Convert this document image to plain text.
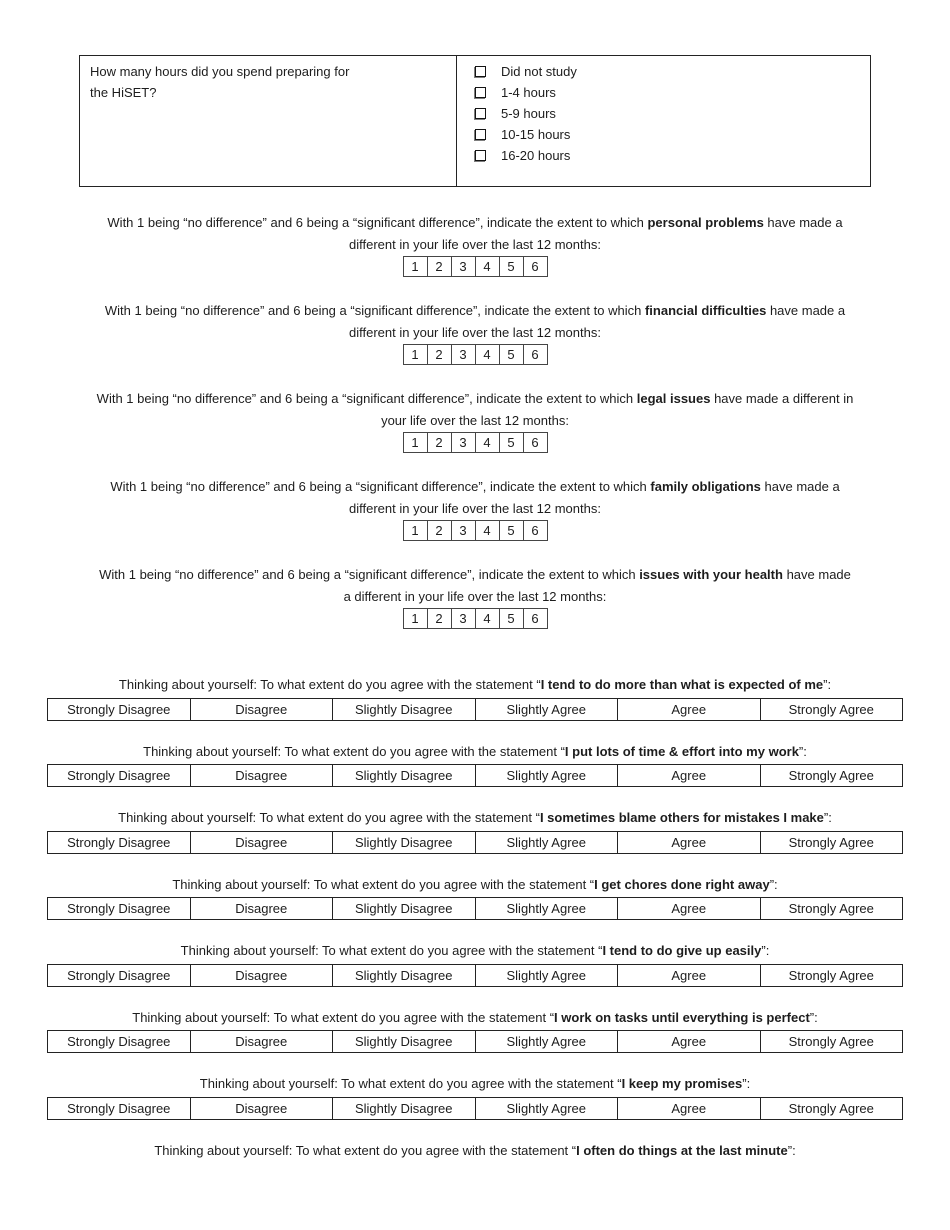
How many hours did you spend preparing for
the HiSET?

Did not study
1-4 hours
5-9 hours
10-15 hours
16-20 hours

With 1 being “no difference” and 6 being a “significant difference”, indicate the extent to which personal problems have made a

different in your life over the last 12 months:

1	2	3	4	5	6

With 1 being “no difference” and 6 being a “significant difference”, indicate the extent to which financial difficulties have made a

different in your life over the last 12 months:

1	2	3	4	5	6

With 1 being “no difference” and 6 being a “significant difference”, indicate the extent to which legal issues have made a different in

your life over the last 12 months:

1	2	3	4	5	6

With 1 being “no difference” and 6 being a “significant difference”, indicate the extent to which family obligations have made a

different in your life over the last 12 months:

1	2	3	4	5	6

With 1 being “no difference” and 6 being a “significant difference”, indicate the extent to which issues with your health have made

a different in your life over the last 12 months:

1	2	3	4	5	6

Thinking about yourself: To what extent do you agree with the statement “I tend to do more than what is expected of me”:

Strongly Disagree	Disagree	Slightly Disagree	Slightly Agree	Agree	Strongly Agree

Thinking about yourself: To what extent do you agree with the statement “I put lots of time & effort into my work”:

Strongly Disagree	Disagree	Slightly Disagree	Slightly Agree	Agree	Strongly Agree

Thinking about yourself: To what extent do you agree with the statement “I sometimes blame others for mistakes I make”:

Strongly Disagree	Disagree	Slightly Disagree	Slightly Agree	Agree	Strongly Agree

Thinking about yourself: To what extent do you agree with the statement “I get chores done right away”:

Strongly Disagree	Disagree	Slightly Disagree	Slightly Agree	Agree	Strongly Agree

Thinking about yourself: To what extent do you agree with the statement “I tend to do give up easily”:

Strongly Disagree	Disagree	Slightly Disagree	Slightly Agree	Agree	Strongly Agree

Thinking about yourself: To what extent do you agree with the statement “I work on tasks until everything is perfect”:

Strongly Disagree	Disagree	Slightly Disagree	Slightly Agree	Agree	Strongly Agree

Thinking about yourself: To what extent do you agree with the statement “I keep my promises”:

Strongly Disagree	Disagree	Slightly Disagree	Slightly Agree	Agree	Strongly Agree

Thinking about yourself: To what extent do you agree with the statement “I often do things at the last minute”:
